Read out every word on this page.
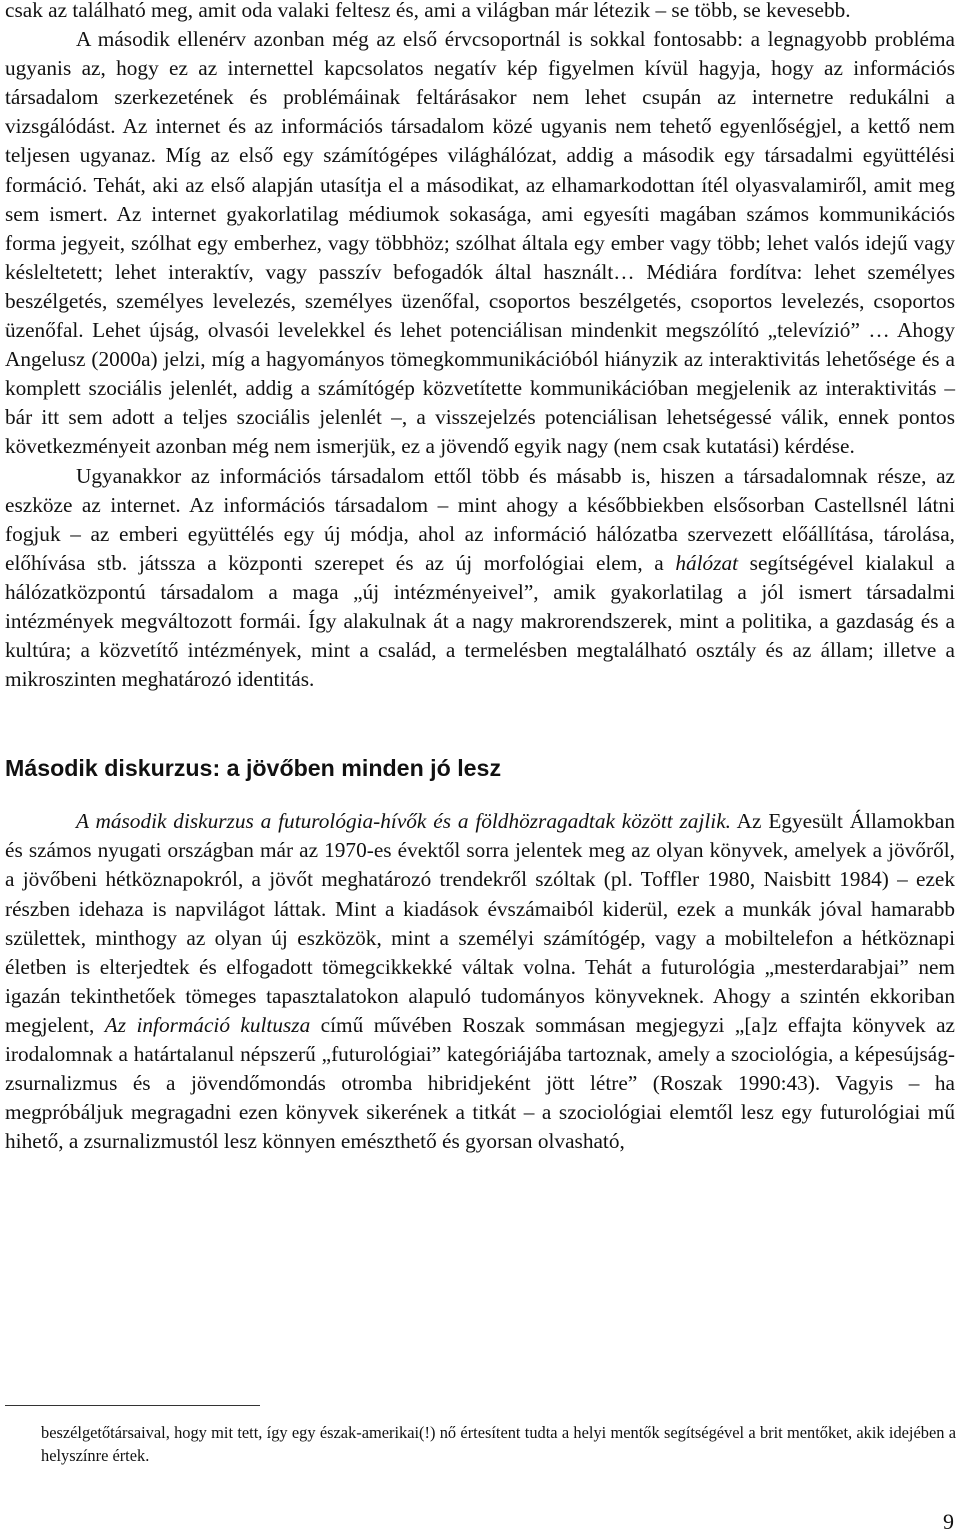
csak az található meg, amit oda valaki feltesz és, ami a világban már létezik – se több, se kevesebb.

A második ellenérv azonban még az első érvcsoportnál is sokkal fontosabb: a legnagyobb probléma ugyanis az, hogy ez az internettel kapcsolatos negatív kép figyelmen kívül hagyja, hogy az információs társadalom szerkezetének és problémáinak feltárásakor nem lehet csupán az internetre redukálni a vizsgálódást. Az internet és az információs társadalom közé ugyanis nem tehető egyenlőségjel, a kettő nem teljesen ugyanaz. Míg az első egy számítógépes világhálózat, addig a második egy társadalmi együttélési formáció. Tehát, aki az első alapján utasítja el a másodikat, az elhamarkodottan ítél olyasvalamiről, amit meg sem ismert. Az internet gyakorlatilag médiumok sokasága, ami egyesíti magában számos kommunikációs forma jegyeit, szólhat egy emberhez, vagy többhöz; szólhat általa egy ember vagy több; lehet valós idejű vagy késleltetett; lehet interaktív, vagy passzív befogadók által használt… Médiára fordítva: lehet személyes beszélgetés, személyes levelezés, személyes üzenőfal, csoportos beszélgetés, csoportos levelezés, csoportos üzenőfal. Lehet újság, olvasói levelekkel és lehet potenciálisan mindenkit megszólító „televízió” … Ahogy Angelusz (2000a) jelzi, míg a hagyományos tömegkommunikációból hiányzik az interaktivitás lehetősége és a komplett szociális jelenlét, addig a számítógép közvetítette kommunikációban megjelenik az interaktivitás – bár itt sem adott a teljes szociális jelenlét –, a visszejelzés potenciálisan lehetségessé válik, ennek pontos következményeit azonban még nem ismerjük, ez a jövendő egyik nagy (nem csak kutatási) kérdése.

Ugyanakkor az információs társadalom ettől több és másabb is, hiszen a társadalomnak része, az eszköze az internet. Az információs társadalom – mint ahogy a későbbiekben elsősorban Castellsnél látni fogjuk – az emberi együttélés egy új módja, ahol az információ hálózatba szervezett előállítása, tárolása, előhívása stb. játssza a központi szerepet és az új morfológiai elem, a hálózat segítségével kialakul a hálózatközpontú társadalom a maga „új intézményeivel”, amik gyakorlatilag a jól ismert társadalmi intézmények megváltozott formái. Így alakulnak át a nagy makrorendszerek, mint a politika, a gazdaság és a kultúra; a közvetítő intézmények, mint a család, a termelésben megtalálható osztály és az állam; illetve a mikroszinten meghatározó identitás.

Második diskurzus: a jövőben minden jó lesz

A második diskurzus a futurológia-hívők és a földhözragadtak között zajlik. Az Egyesült Államokban és számos nyugati országban már az 1970-es évektől sorra jelentek meg az olyan könyvek, amelyek a jövőről, a jövőbeni hétköznapokról, a jövőt meghatározó trendekről szóltak (pl. Toffler 1980, Naisbitt 1984) – ezek részben idehaza is napvilágot láttak. Mint a kiadások évszámaiból kiderül, ezek a munkák jóval hamarabb születtek, minthogy az olyan új eszközök, mint a személyi számítógép, vagy a mobiltelefon a hétköznapi életben is elterjedtek és elfogadott tömegcikkekké váltak volna. Tehát a futurológia „mesterdarabjai” nem igazán tekinthetőek tömeges tapasztalatokon alapuló tudományos könyveknek. Ahogy a szintén ekkoriban megjelent, Az információ kultusza című művében Roszak sommásan megjegyzi „[a]z effajta könyvek az irodalomnak a határtalanul népszerű „futurológiai” kategóriájába tartoznak, amely a szociológia, a képesújság-zsurnalizmus és a jövendőmondás otromba hibridjeként jött létre” (Roszak 1990:43). Vagyis – ha megpróbáljuk megragadni ezen könyvek sikerének a titkát – a szociológiai elemtől lesz egy futurológiai mű hihető, a zsurnalizmustól lesz könnyen emészthető és gyorsan olvasható,

beszélgetőtársaival, hogy mit tett, így egy észak-amerikai(!) nő értesítent tudta a helyi mentők segítségével a brit mentőket, akik idejében a helyszínre értek.

9
